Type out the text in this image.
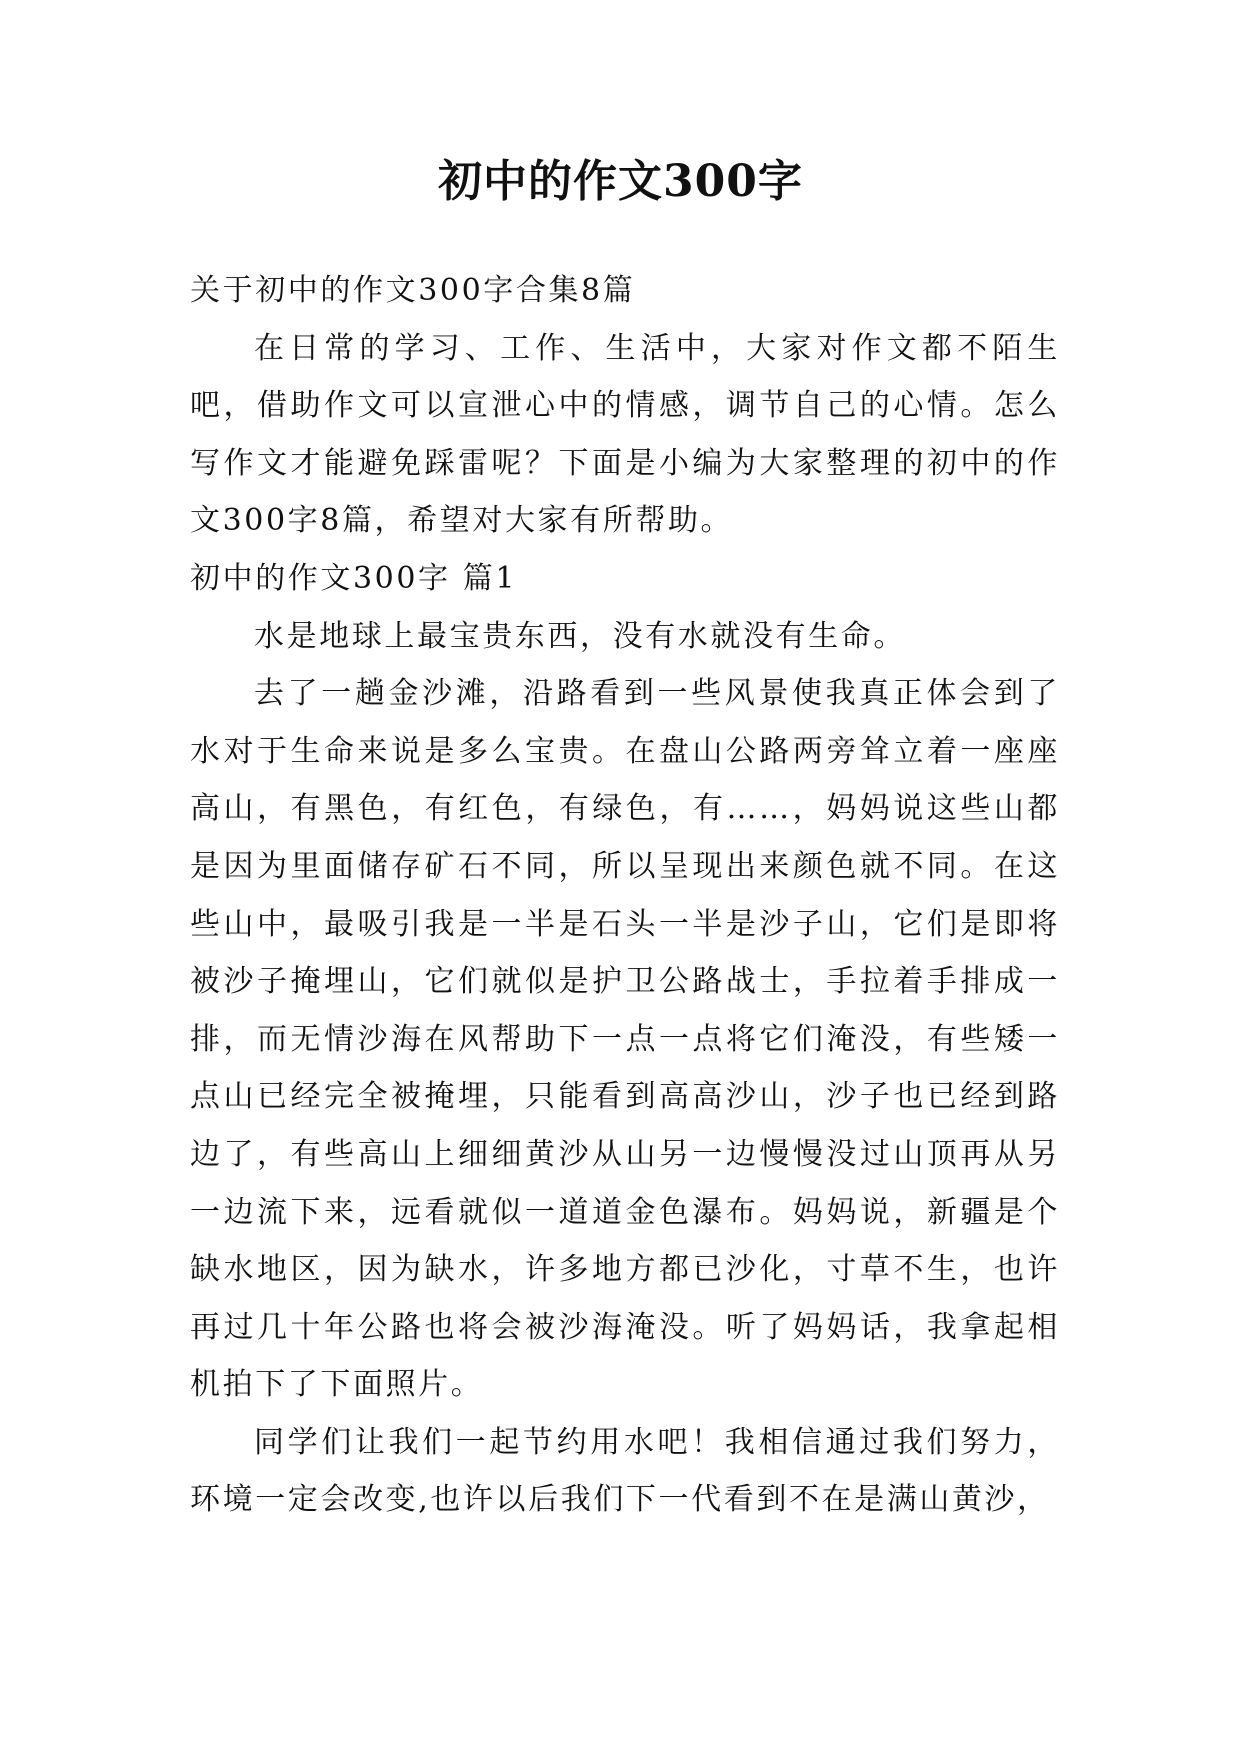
初中的作文300字

关于初中的作文300字合集8篇

在日常的学习、工作、生活中，大家对作文都不陌生吧，借助作文可以宣泄心中的情感，调节自己的心情。怎么写作文才能避免踩雷呢？下面是小编为大家整理的初中的作文300字8篇，希望对大家有所帮助。

初中的作文300字 篇1

水是地球上最宝贵东西，没有水就没有生命。

去了一趟金沙滩，沿路看到一些风景使我真正体会到了水对于生命来说是多么宝贵。在盘山公路两旁耸立着一座座高山，有黑色，有红色，有绿色，有……，妈妈说这些山都是因为里面储存矿石不同，所以呈现出来颜色就不同。在这些山中，最吸引我是一半是石头一半是沙子山，它们是即将被沙子掩埋山，它们就似是护卫公路战士，手拉着手排成一排，而无情沙海在风帮助下一点一点将它们淹没，有些矮一点山已经完全被掩埋，只能看到高高沙山，沙子也已经到路边了，有些高山上细细黄沙从山另一边慢慢没过山顶再从另一边流下来，远看就似一道道金色瀑布。妈妈说，新疆是个缺水地区，因为缺水，许多地方都已沙化，寸草不生，也许再过几十年公路也将会被沙海淹没。听了妈妈话，我拿起相机拍下了下面照片。

同学们让我们一起节约用水吧！我相信通过我们努力，环境一定会改变,也许以后我们下一代看到不在是满山黄沙，
